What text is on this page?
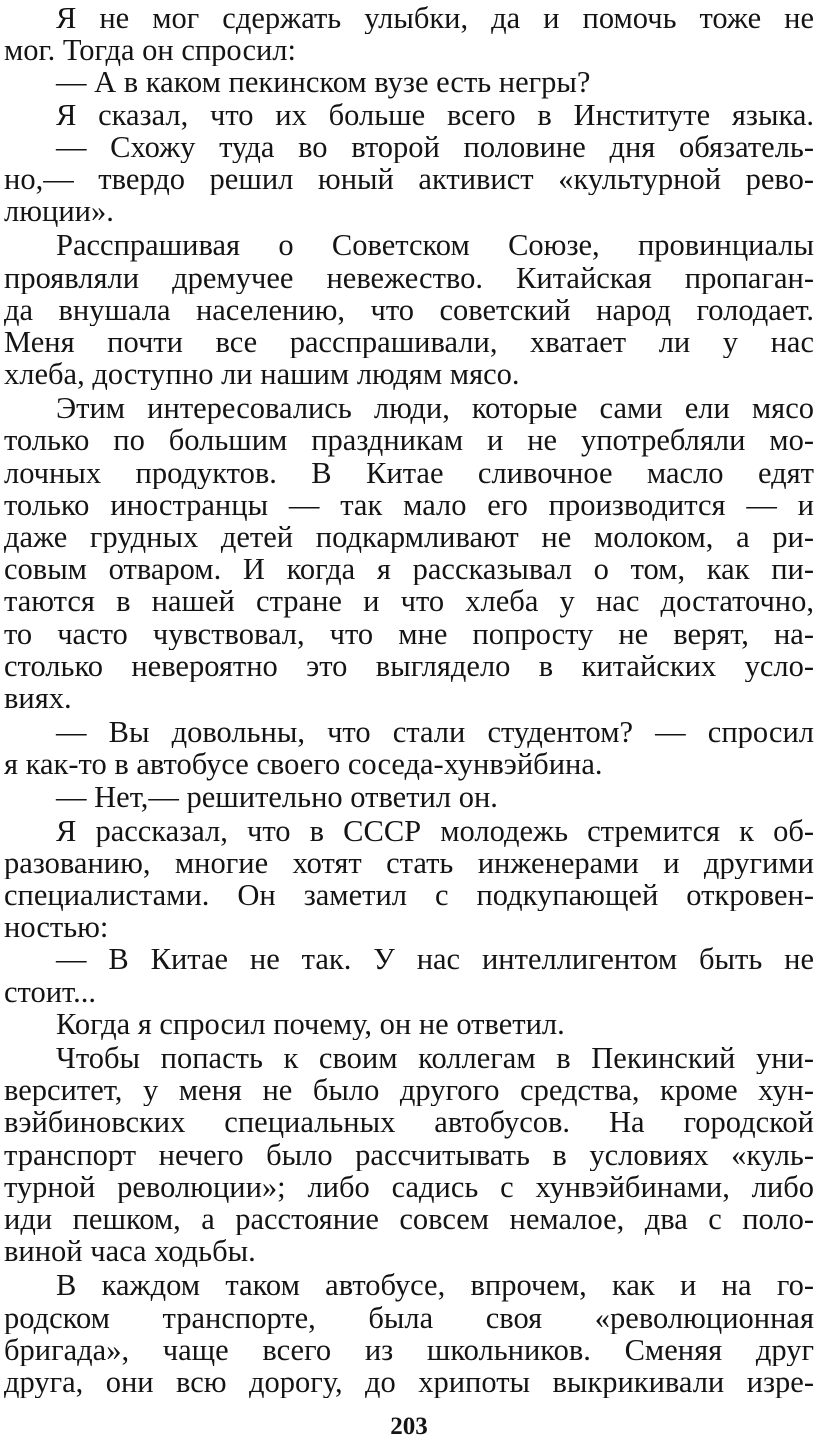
Я не мог сдержать улыбки, да и помочь тоже не
мог. Тогда он спросил:
— А в каком пекинском вузе есть негры?
Я сказал, что их больше всего в Институте языка.
— Схожу туда во второй половине дня обязатель-
но,— твердо решил юный активист «культурной рево-
люции».
Расспрашивая о Советском Союзе, провинциалы
проявляли дремучее невежество. Китайская пропаган-
да внушала населению, что советский народ голодает.
Меня почти все расспрашивали, хватает ли у нас
хлеба, доступно ли нашим людям мясо.
Этим интересовались люди, которые сами ели мясо
только по большим праздникам и не употребляли мо-
лочных продуктов. В Китае сливочное масло едят
только иностранцы — так мало его производится — и
даже грудных детей подкармливают не молоком, а ри-
совым отваром. И когда я рассказывал о том, как пи-
таются в нашей стране и что хлеба у нас достаточно,
то часто чувствовал, что мне попросту не верят, на-
столько невероятно это выглядело в китайских усло-
виях.
— Вы довольны, что стали студентом? — спросил
я как-то в автобусе своего соседа-хунвэйбина.
— Нет,— решительно ответил он.
Я рассказал, что в СССР молодежь стремится к об-
разованию, многие хотят стать инженерами и другими
специалистами. Он заметил с подкупающей откровен-
ностью:
— В Китае не так. У нас интеллигентом быть не
стоит...
Когда я спросил почему, он не ответил.
Чтобы попасть к своим коллегам в Пекинский уни-
верситет, у меня не было другого средства, кроме хун-
вэйбиновских специальных автобусов. На городской
транспорт нечего было рассчитывать в условиях «куль-
турной революции»; либо садись с хунвэйбинами, либо
иди пешком, а расстояние совсем немалое, два с поло-
виной часа ходьбы.
В каждом таком автобусе, впрочем, как и на го-
родском транспорте, была своя «революционная
бригада», чаще всего из школьников. Сменяя друг
друга, они всю дорогу, до хрипоты выкрикивали изре-
203
